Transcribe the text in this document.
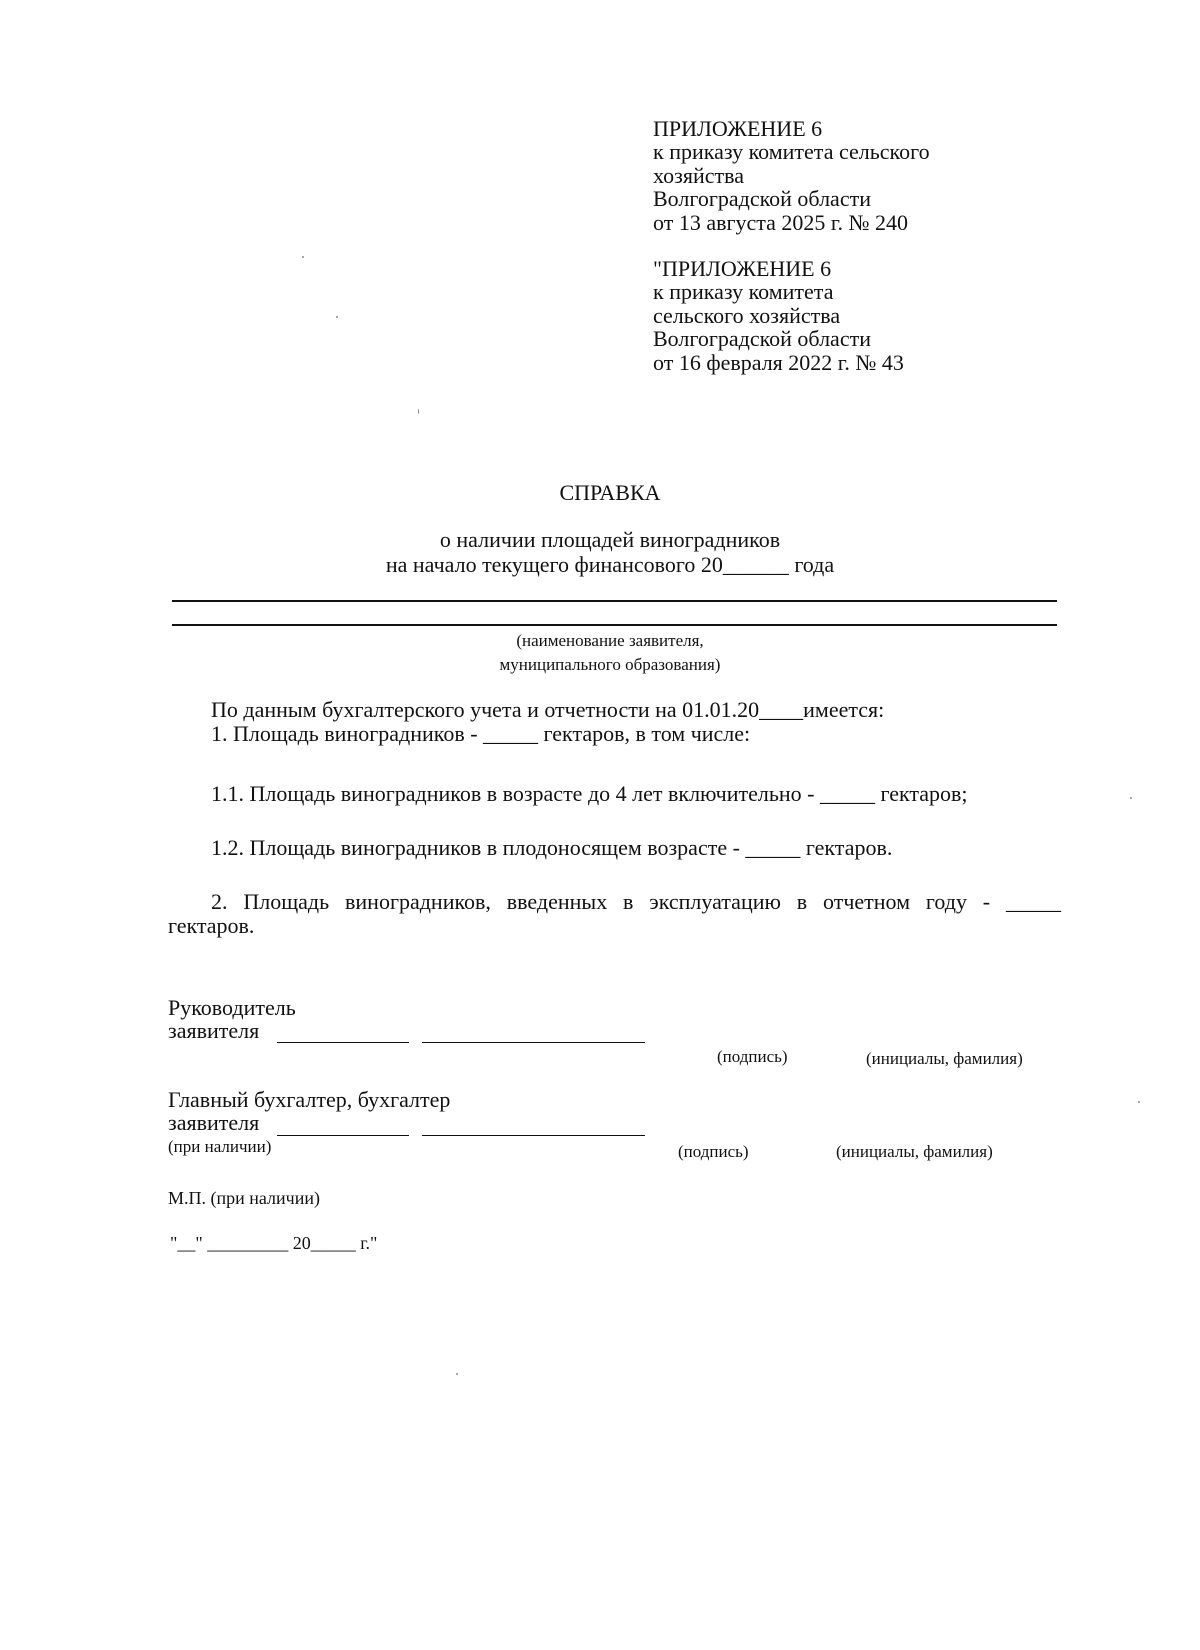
ПРИЛОЖЕНИЕ 6
к приказу комитета сельского
хозяйства
Волгоградской области
от 13 августа 2025 г. № 240
"ПРИЛОЖЕНИЕ 6
к приказу комитета
сельского хозяйства
Волгоградской области
от 16 февраля 2022 г. № 43
СПРАВКА
о наличии площадей виноградников
на начало текущего финансового 20______ года
(наименование заявителя,
муниципального образования)
По данным бухгалтерского учета и отчетности на 01.01.20____имеется:
1. Площадь виноградников - _____ гектаров, в том числе:
1.1. Площадь виноградников в возрасте до 4 лет включительно - _____ гектаров;
1.2. Площадь виноградников в плодоносящем возрасте - _____ гектаров.
2. Площадь виноградников, введенных в эксплуатацию в отчетном году - _____
гектаров.
Руководитель
заявителя
(подпись)	(инициалы, фамилия)
Главный бухгалтер, бухгалтер
заявителя
(при наличии)	(подпись)	(инициалы, фамилия)
М.П. (при наличии)
"__" _________ 20_____ г."
